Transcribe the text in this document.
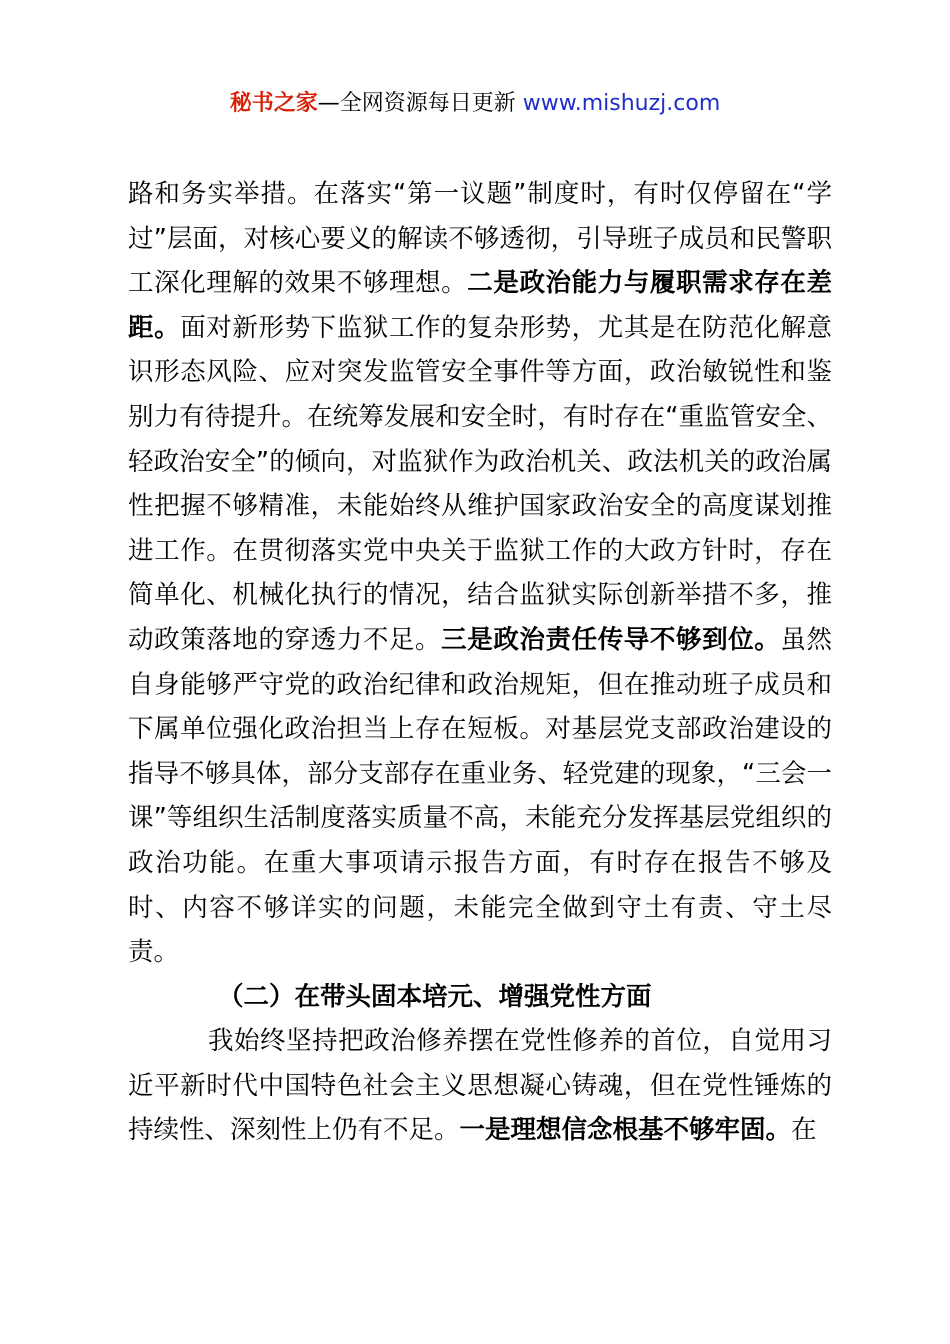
秘书之家—全网资源每日更新 www.mishuzj.com

路和务实举措。在落实“第一议题”制度时，有时仅停留在“学过”层面，对核心要义的解读不够透彻，引导班子成员和民警职工深化理解的效果不够理想。二是政治能力与履职需求存在差距。面对新形势下监狱工作的复杂形势，尤其是在防范化解意识形态风险、应对突发监管安全事件等方面，政治敏锐性和鉴别力有待提升。在统筹发展和安全时，有时存在“重监管安全、轻政治安全”的倾向，对监狱作为政治机关、政法机关的政治属性把握不够精准，未能始终从维护国家政治安全的高度谋划推进工作。在贯彻落实党中央关于监狱工作的大政方针时，存在简单化、机械化执行的情况，结合监狱实际创新举措不多，推动政策落地的穿透力不足。三是政治责任传导不够到位。虽然自身能够严守党的政治纪律和政治规矩，但在推动班子成员和下属单位强化政治担当上存在短板。对基层党支部政治建设的指导不够具体，部分支部存在重业务、轻党建的现象，“三会一课”等组织生活制度落实质量不高，未能充分发挥基层党组织的政治功能。在重大事项请示报告方面，有时存在报告不够及时、内容不够详实的问题，未能完全做到守土有责、守土尽责。

（二）在带头固本培元、增强党性方面

我始终坚持把政治修养摆在党性修养的首位，自觉用习近平新时代中国特色社会主义思想凝心铸魂，但在党性锤炼的持续性、深刻性上仍有不足。一是理想信念根基不够牢固。在
